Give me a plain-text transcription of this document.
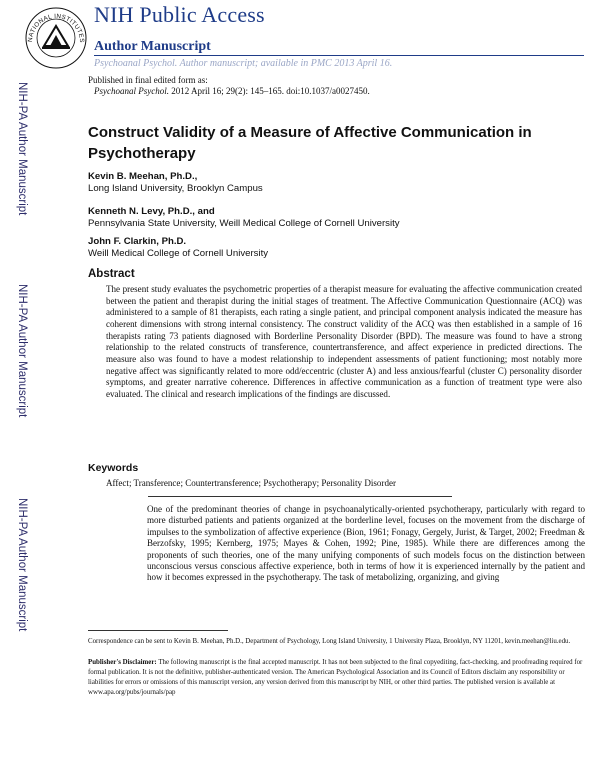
NATIONAL INSTITUTES
NIH Public Access
Author Manuscript
Psychoanal Psychol. Author manuscript; available in PMC 2013 April 16.
NIH-PA Author Manuscript
NIH-PA Author Manuscript
NIH-PA Author Manuscript
Published in final edited form as:
Psychoanal Psychol. 2012 April 16; 29(2): 145–165. doi:10.1037/a0027450.
Construct Validity of a Measure of Affective Communication in Psychotherapy
Kevin B. Meehan, Ph.D.,
Long Island University, Brooklyn Campus
Kenneth N. Levy, Ph.D., and
Pennsylvania State University, Weill Medical College of Cornell University
John F. Clarkin, Ph.D.
Weill Medical College of Cornell University
Abstract
The present study evaluates the psychometric properties of a therapist measure for evaluating the affective communication created between the patient and therapist during the initial stages of treatment. The Affective Communication Questionnaire (ACQ) was administered to a sample of 81 therapists, each rating a single patient, and principal component analysis indicated the measure has coherent dimensions with strong internal consistency. The construct validity of the ACQ was then established in a sample of 16 therapists rating 73 patients diagnosed with Borderline Personality Disorder (BPD). The measure was found to have a strong relationship to the related constructs of transference, countertransference, and affect experience in predicted directions. The measure also was found to have a modest relationship to independent assessments of patient functioning; most notably more negative affect was significantly related to more odd/eccentric (cluster A) and less anxious/fearful (cluster C) personality disorder symptoms, and greater narrative coherence. Differences in affective communication as a function of treatment type were also evaluated. The clinical and research implications of the findings are discussed.
Keywords
Affect; Transference; Countertransference; Psychotherapy; Personality Disorder
One of the predominant theories of change in psychoanalytically-oriented psychotherapy, particularly with regard to more disturbed patients and patients organized at the borderline level, focuses on the movement from the discharge of impulses to the symbolization of affective experience (Bion, 1961; Fonagy, Gergely, Jurist, & Target, 2002; Freedman & Berzofsky, 1995; Kernberg, 1975; Mayes & Cohen, 1992; Pine, 1985). While there are differences among the proponents of such theories, one of the many unifying components of such models focus on the distinction between unconscious versus conscious affective experience, both in terms of how it is experienced internally by the patient and how it becomes expressed in the psychotherapy. The task of metabolizing, organizing, and giving
Correspondence can be sent to Kevin B. Meehan, Ph.D., Department of Psychology, Long Island University, 1 University Plaza, Brooklyn, NY 11201, kevin.meehan@liu.edu.
Publisher's Disclaimer: The following manuscript is the final accepted manuscript. It has not been subjected to the final copyediting, fact-checking, and proofreading required for formal publication. It is not the definitive, publisher-authenticated version. The American Psychological Association and its Council of Editors disclaim any responsibility or liabilities for errors or omissions of this manuscript version, any version derived from this manuscript by NIH, or other third parties. The published version is available at www.apa.org/pubs/journals/pap
